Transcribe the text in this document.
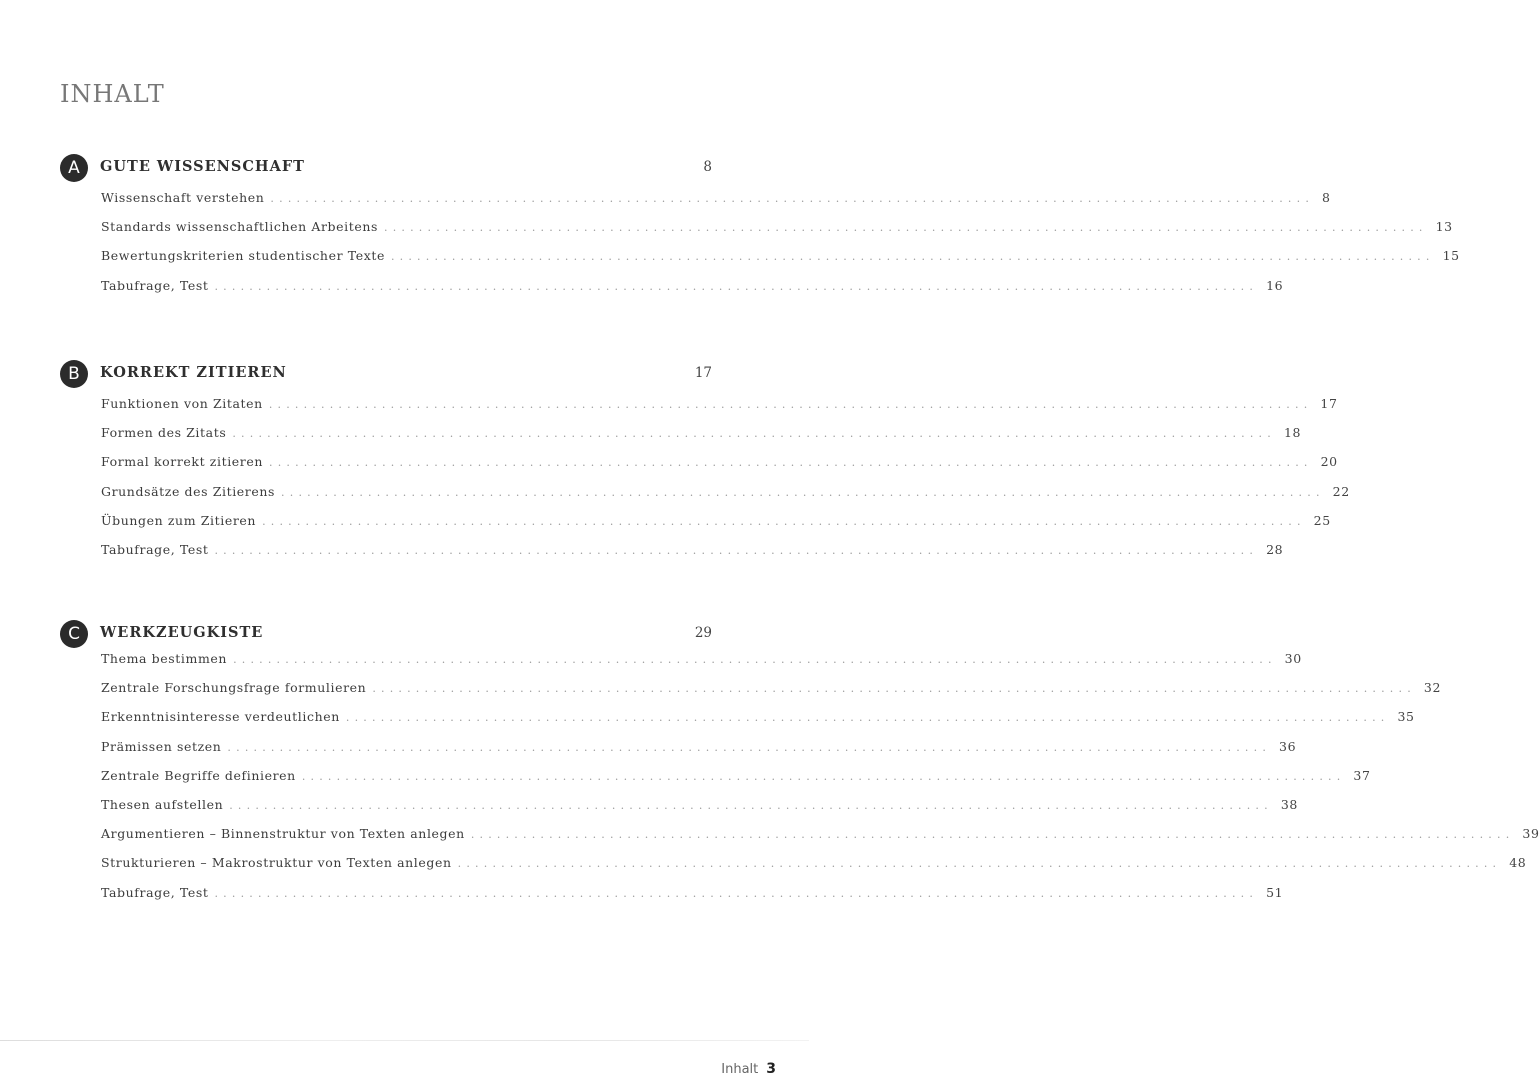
INHALT
A	GUTE WISSENSCHAFT	8
Wissenschaft verstehen ........................................................................................................................ 8
Standards wissenschaftlichen Arbeitens ........................................................................................................................ 13
Bewertungskriterien studentischer Texte ........................................................................................................................ 15
Tabufrage, Test ........................................................................................................................ 16
B	KORREKT ZITIEREN	17
Funktionen von Zitaten ........................................................................................................................ 17
Formen des Zitats ........................................................................................................................ 18
Formal korrekt zitieren ........................................................................................................................ 20
Grundsätze des Zitierens ........................................................................................................................ 22
Übungen zum Zitieren ........................................................................................................................ 25
Tabufrage, Test ........................................................................................................................ 28
C	WERKZEUGKISTE	29
Thema bestimmen ........................................................................................................................ 30
Zentrale Forschungsfrage formulieren ........................................................................................................................ 32
Erkenntnisinteresse verdeutlichen ........................................................................................................................ 35
Prämissen setzen ........................................................................................................................ 36
Zentrale Begriffe definieren ........................................................................................................................ 37
Thesen aufstellen ........................................................................................................................ 38
Argumentieren – Binnenstruktur von Texten anlegen ........................................................................................................................ 39
Strukturieren – Makrostruktur von Texten anlegen ........................................................................................................................ 48
Tabufrage, Test ........................................................................................................................ 51
Inhalt 3
